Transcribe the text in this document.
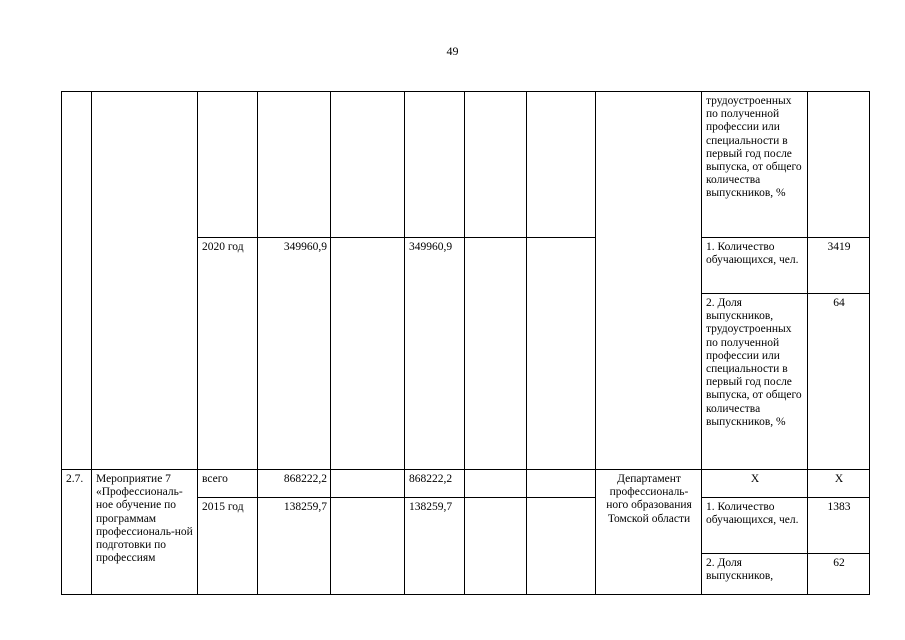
49
									трудоустроенных по полученной профессии или специальности в первый год после выпуска, от общего количества выпускников, %	
		2020 год	349960,9		349960,9				1. Количество обучающихся, чел.	3419
									2. Доля выпускников, трудоустроенных по полученной профессии или специальности в первый год после выпуска, от общего количества выпускников, %	64
2.7.	Мероприятие 7 «Профессиональ-ное обучение по программам профессиональ-ной подготовки по профессиям	всего	868222,2		868222,2			Департамент профессиональ-ного образования Томской области	Х	Х
		2015 год	138259,7		138259,7				1. Количество обучающихся, чел.	1383
									2. Доля выпускников,	62
